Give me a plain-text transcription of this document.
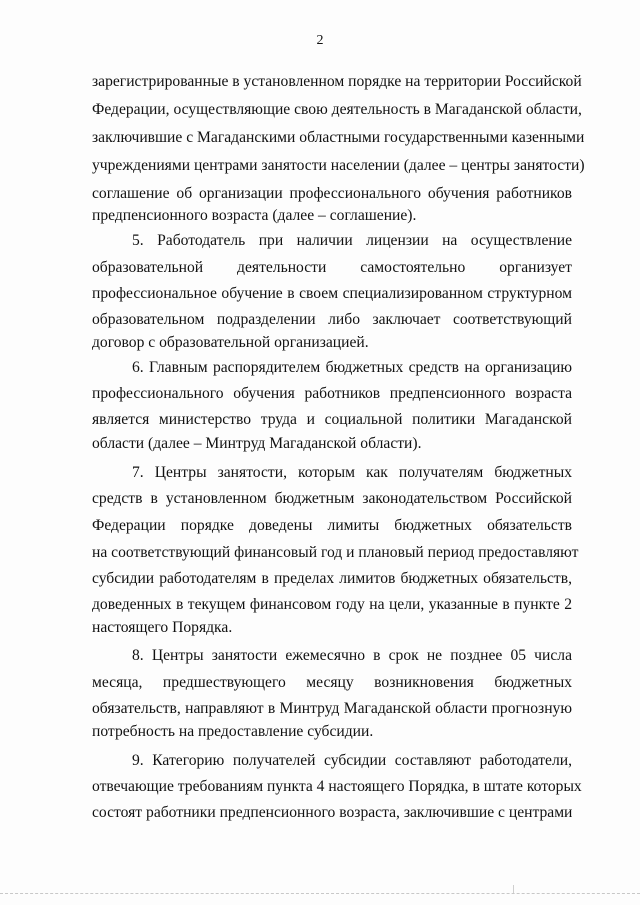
2
зарегистрированные в установленном порядке на территории Российской
Федерации, осуществляющие свою деятельность в Магаданской области,
заключившие с Магаданскими областными государственными казенными
учреждениями центрами занятости населении (далее – центры занятости)
соглашение об организации профессионального обучения работников
предпенсионного возраста (далее – соглашение).
5. Работодатель при наличии лицензии на осуществление
образовательной деятельности самостоятельно организует
профессиональное обучение в своем специализированном структурном
образовательном подразделении либо заключает соответствующий
договор с образовательной организацией.
6. Главным распорядителем бюджетных средств на организацию
профессионального обучения работников предпенсионного возраста
является министерство труда и социальной политики Магаданской
области (далее – Минтруд Магаданской области).
7. Центры занятости, которым как получателям бюджетных
средств в установленном бюджетным законодательством Российской
Федерации порядке доведены лимиты бюджетных обязательств
на соответствующий финансовый год и плановый период предоставляют
субсидии работодателям в пределах лимитов бюджетных обязательств,
доведенных в текущем финансовом году на цели, указанные в пункте 2
настоящего Порядка.
8. Центры занятости ежемесячно в срок не позднее 05 числа
месяца, предшествующего месяцу возникновения бюджетных
обязательств, направляют в Минтруд Магаданской области прогнозную
потребность на предоставление субсидии.
9. Категорию получателей субсидии составляют работодатели,
отвечающие требованиям пункта 4 настоящего Порядка, в штате которых
состоят работники предпенсионного возраста, заключившие с центрами
